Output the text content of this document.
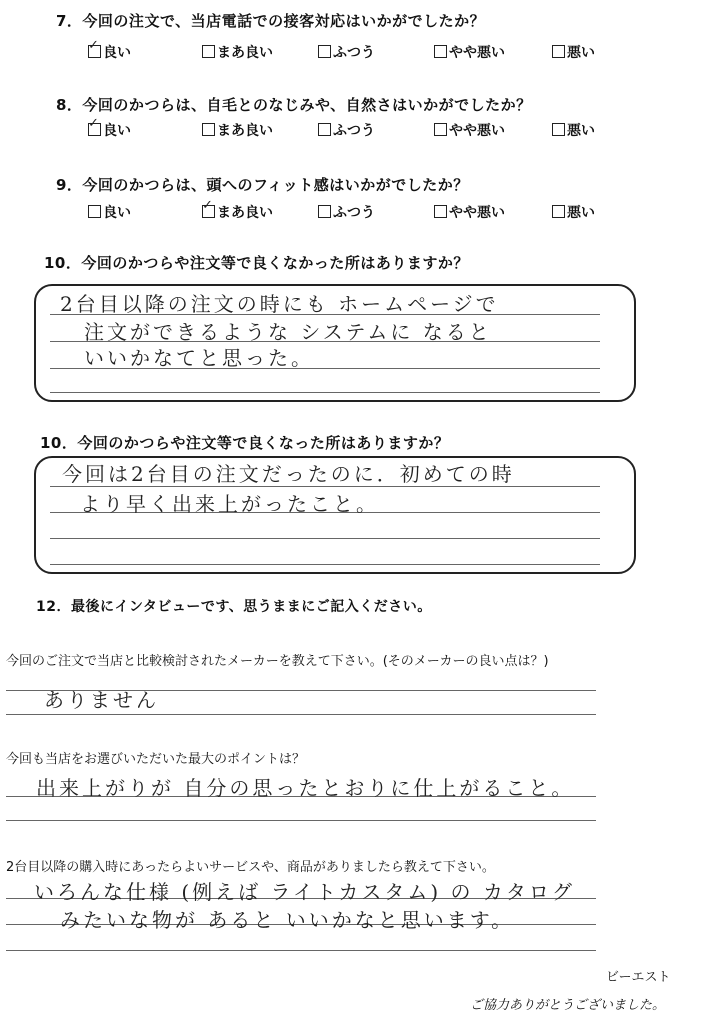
7．今回の注文で、当店電話での接客対応はいかがでしたか？
✓良い	まあ良い	ふつう	やや悪い	悪い
8．今回のかつらは、自毛とのなじみや、自然さはいかがでしたか？
✓良い	まあ良い	ふつう	やや悪い	悪い
9．今回のかつらは、頭へのフィット感はいかがでしたか？
良い
✓	まあ良い	ふつう	やや悪い	悪い
10．今回のかつらや注文等で良くなかった所はありますか？
2台目以降の注文の時にも ホームページで
注文ができるような システムに なると
いいかなてと思った。
10．今回のかつらや注文等で良くなった所はありますか？
今回は2台目の注文だったのに．初めての時
より早く出来上がったこと。
12．最後にインタビューです、思うままにご記入ください。
今回のご注文で当店と比較検討されたメーカーを教えて下さい。(そのメーカーの良い点は？)
ありません
今回も当店をお選びいただいた最大のポイントは？
出来上がりが 自分の思ったとおりに仕上がること。
2台目以降の購入時にあったらよいサービスや、商品がありましたら教えて下さい。
いろんな仕様 (例えば ライトカスタム) の カタログ
みたいな物が あると いいかなと思います。
ビーエスト
ご協力ありがとうございました。
